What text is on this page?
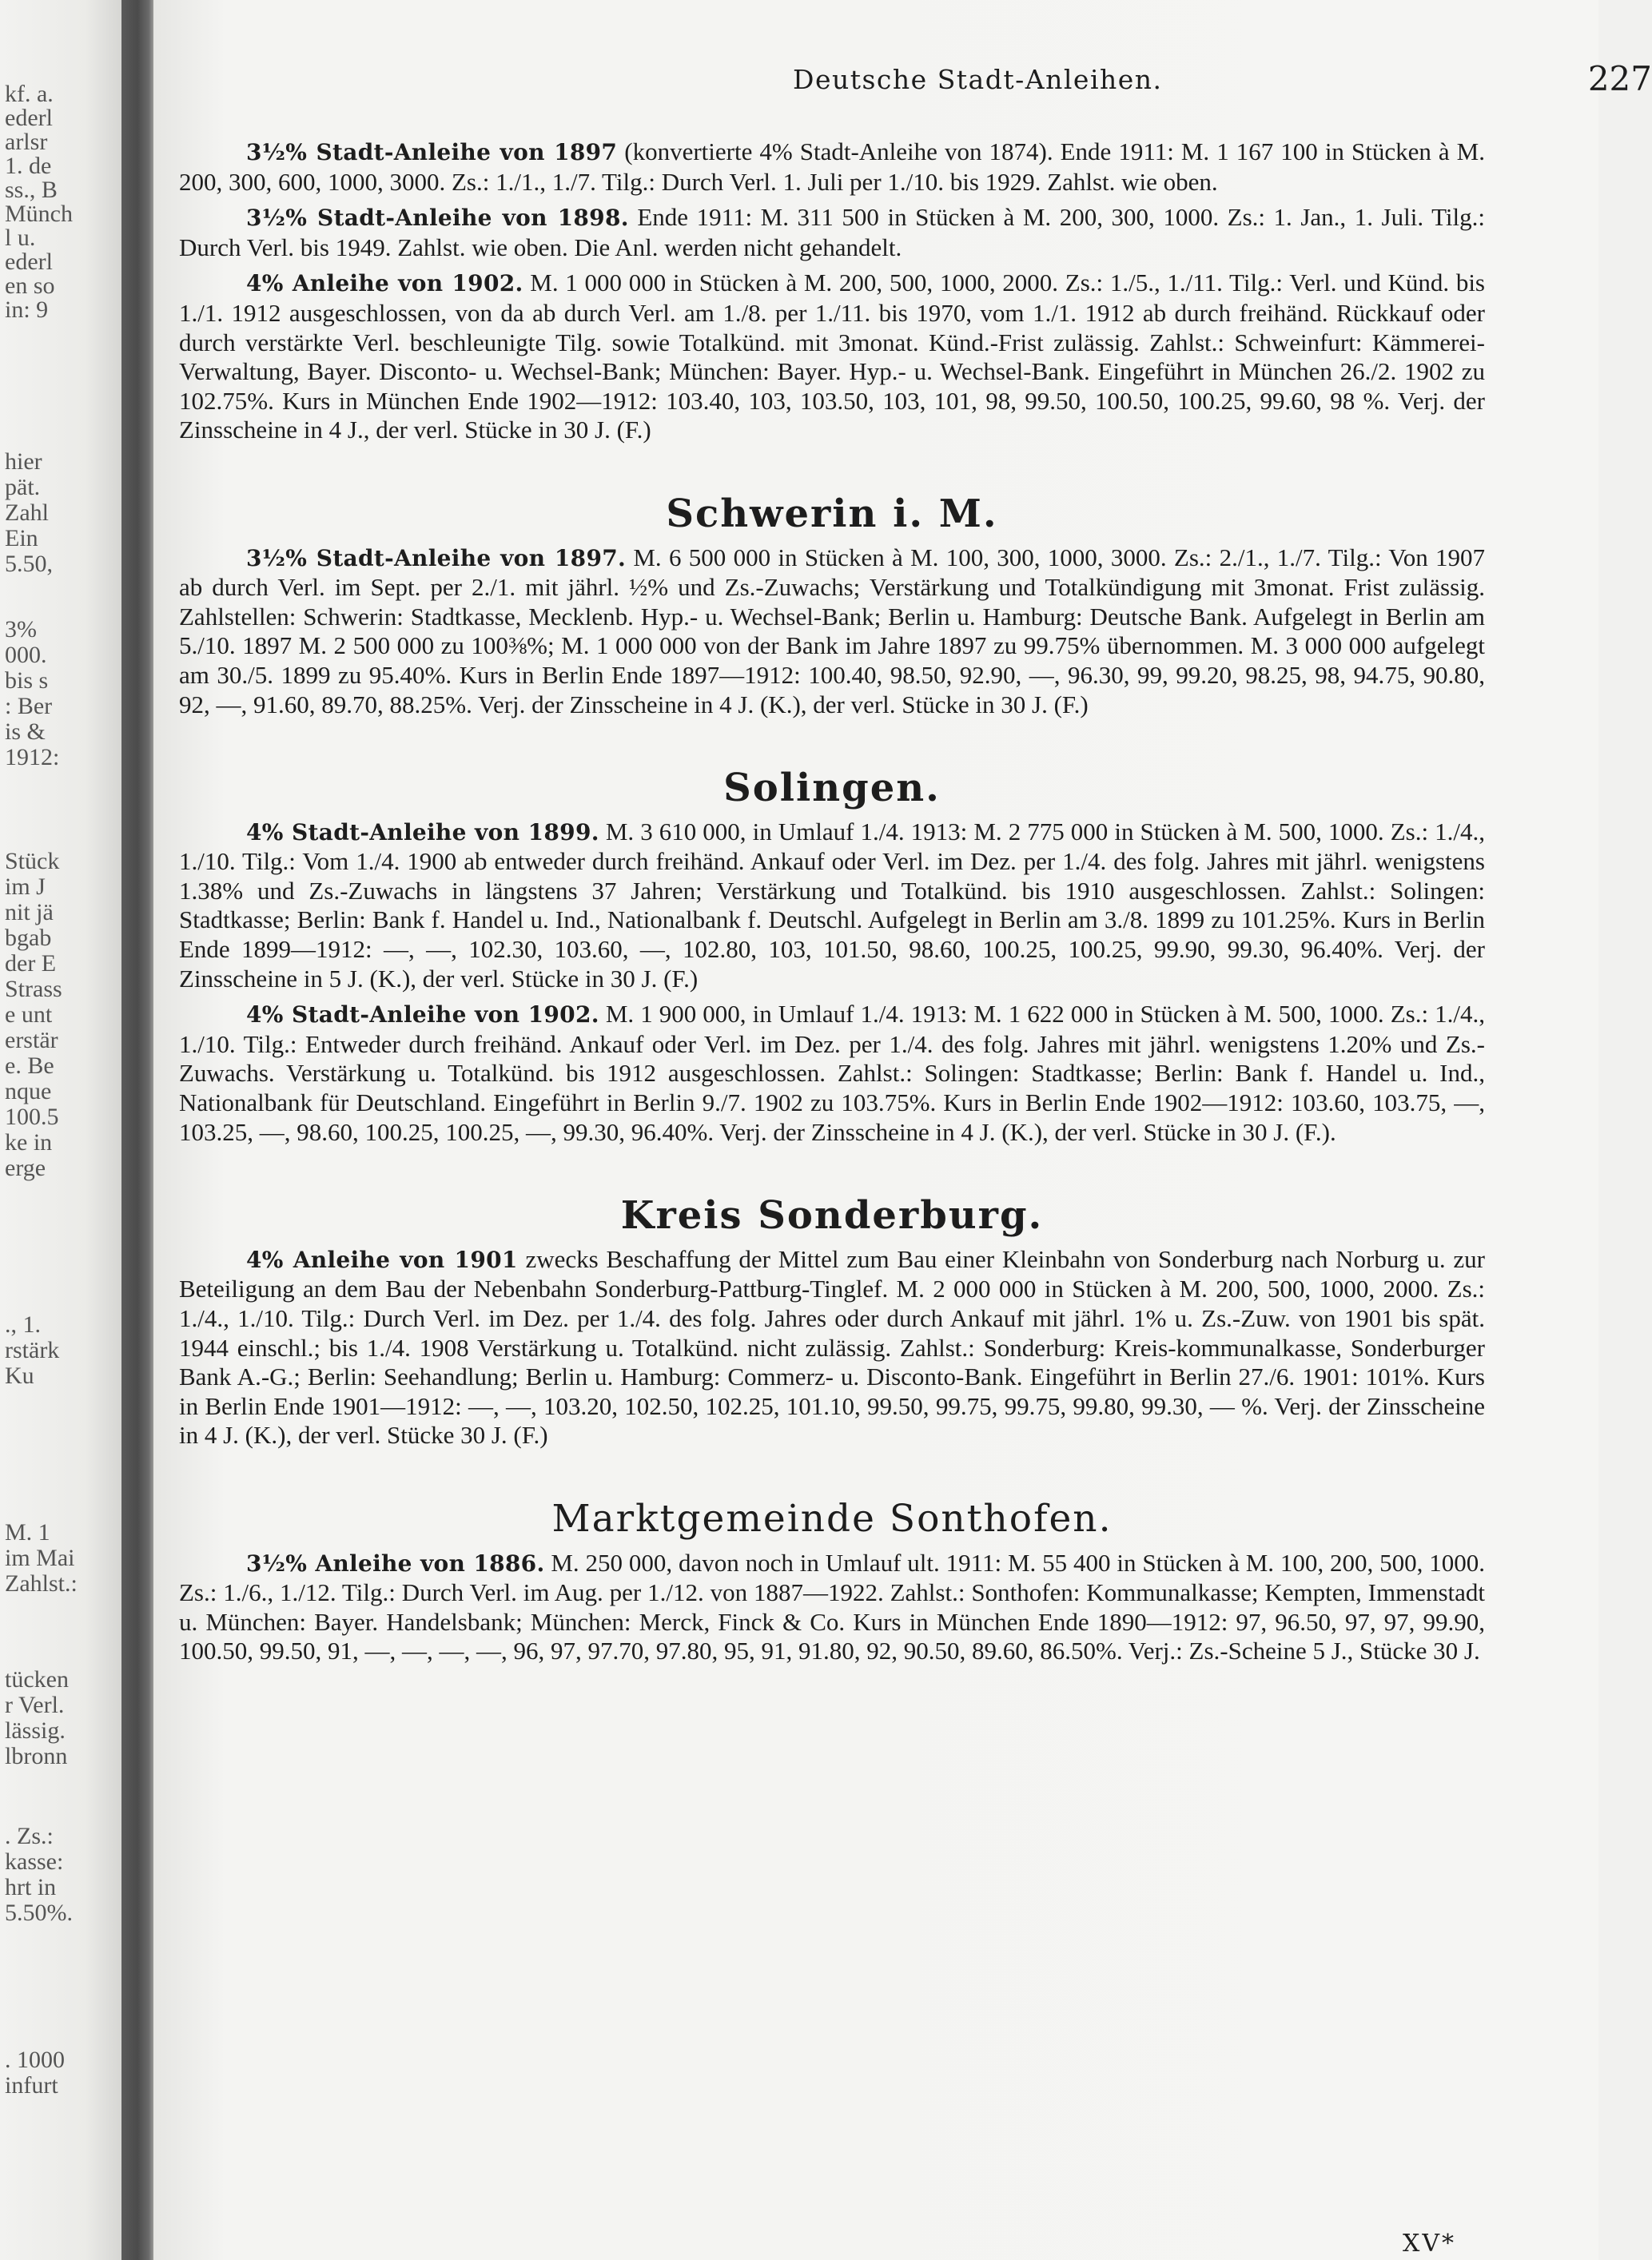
kf. a.
ederl
arlsr
1. de
ss., B
Münch
l u.
ederl
en so
in: 9
hier
pät.
Zahl
Ein
5.50,
3%
000.
bis s
: Ber
is &
1912:
Stück
im J
nit jä
bgab
der E
Strass
e unt
erstär
e. Be
nque
100.5
ke in
erge
., 1.
rstärk
Ku
M. 1
im Mai
Zahlst.:
tücken
r Verl.
lässig.
lbronn
. Zs.:
kasse:
hrt in
5.50%.
. 1000
infurt
Deutsche Stadt-Anleihen.	227

3½% Stadt-Anleihe von 1897 (konvertierte 4% Stadt-Anleihe von 1874). Ende 1911: M. 1 167 100 in Stücken à M. 200, 300, 600, 1000, 3000. Zs.: 1./1., 1./7. Tilg.: Durch Verl. 1. Juli per 1./10. bis 1929. Zahlst. wie oben.

3½% Stadt-Anleihe von 1898. Ende 1911: M. 311 500 in Stücken à M. 200, 300, 1000. Zs.: 1. Jan., 1. Juli. Tilg.: Durch Verl. bis 1949. Zahlst. wie oben. Die Anl. werden nicht gehandelt.

4% Anleihe von 1902. M. 1 000 000 in Stücken à M. 200, 500, 1000, 2000. Zs.: 1./5., 1./11. Tilg.: Verl. und Künd. bis 1./1. 1912 ausgeschlossen, von da ab durch Verl. am 1./8. per 1./11. bis 1970, vom 1./1. 1912 ab durch freihänd. Rückkauf oder durch verstärkte Verl. beschleunigte Tilg. sowie Totalkünd. mit 3monat. Künd.-Frist zulässig. Zahlst.: Schweinfurt: Kämmerei-Verwaltung, Bayer. Disconto- u. Wechsel-Bank; München: Bayer. Hyp.- u. Wechsel-Bank. Eingeführt in München 26./2. 1902 zu 102.75%. Kurs in München Ende 1902—1912: 103.40, 103, 103.50, 103, 101, 98, 99.50, 100.50, 100.25, 99.60, 98 %. Verj. der Zinsscheine in 4 J., der verl. Stücke in 30 J. (F.)

Schwerin i. M.

3½% Stadt-Anleihe von 1897. M. 6 500 000 in Stücken à M. 100, 300, 1000, 3000. Zs.: 2./1., 1./7. Tilg.: Von 1907 ab durch Verl. im Sept. per 2./1. mit jährl. ½% und Zs.-Zuwachs; Verstärkung und Totalkündigung mit 3monat. Frist zulässig. Zahlstellen: Schwerin: Stadtkasse, Mecklenb. Hyp.- u. Wechsel-Bank; Berlin u. Hamburg: Deutsche Bank. Aufgelegt in Berlin am 5./10. 1897 M. 2 500 000 zu 100⅜%; M. 1 000 000 von der Bank im Jahre 1897 zu 99.75% übernommen. M. 3 000 000 aufgelegt am 30./5. 1899 zu 95.40%. Kurs in Berlin Ende 1897—1912: 100.40, 98.50, 92.90, —, 96.30, 99, 99.20, 98.25, 98, 94.75, 90.80, 92, —, 91.60, 89.70, 88.25%. Verj. der Zinsscheine in 4 J. (K.), der verl. Stücke in 30 J. (F.)

Solingen.

4% Stadt-Anleihe von 1899. M. 3 610 000, in Umlauf 1./4. 1913: M. 2 775 000 in Stücken à M. 500, 1000. Zs.: 1./4., 1./10. Tilg.: Vom 1./4. 1900 ab entweder durch freihänd. Ankauf oder Verl. im Dez. per 1./4. des folg. Jahres mit jährl. wenigstens 1.38% und Zs.-Zuwachs in längstens 37 Jahren; Verstärkung und Totalkünd. bis 1910 ausgeschlossen. Zahlst.: Solingen: Stadtkasse; Berlin: Bank f. Handel u. Ind., Nationalbank f. Deutschl. Aufgelegt in Berlin am 3./8. 1899 zu 101.25%. Kurs in Berlin Ende 1899—1912: —, —, 102.30, 103.60, —, 102.80, 103, 101.50, 98.60, 100.25, 100.25, 99.90, 99.30, 96.40%. Verj. der Zinsscheine in 5 J. (K.), der verl. Stücke in 30 J. (F.)

4% Stadt-Anleihe von 1902. M. 1 900 000, in Umlauf 1./4. 1913: M. 1 622 000 in Stücken à M. 500, 1000. Zs.: 1./4., 1./10. Tilg.: Entweder durch freihänd. Ankauf oder Verl. im Dez. per 1./4. des folg. Jahres mit jährl. wenigstens 1.20% und Zs.-Zuwachs. Verstärkung u. Totalkünd. bis 1912 ausgeschlossen. Zahlst.: Solingen: Stadtkasse; Berlin: Bank f. Handel u. Ind., Nationalbank für Deutschland. Eingeführt in Berlin 9./7. 1902 zu 103.75%. Kurs in Berlin Ende 1902—1912: 103.60, 103.75, —, 103.25, —, 98.60, 100.25, 100.25, —, 99.30, 96.40%. Verj. der Zinsscheine in 4 J. (K.), der verl. Stücke in 30 J. (F.).

Kreis Sonderburg.

4% Anleihe von 1901 zwecks Beschaffung der Mittel zum Bau einer Kleinbahn von Sonderburg nach Norburg u. zur Beteiligung an dem Bau der Nebenbahn Sonderburg-Pattburg-Tinglef. M. 2 000 000 in Stücken à M. 200, 500, 1000, 2000. Zs.: 1./4., 1./10. Tilg.: Durch Verl. im Dez. per 1./4. des folg. Jahres oder durch Ankauf mit jährl. 1% u. Zs.-Zuw. von 1901 bis spät. 1944 einschl.; bis 1./4. 1908 Verstärkung u. Totalkünd. nicht zulässig. Zahlst.: Sonderburg: Kreis-kommunalkasse, Sonderburger Bank A.-G.; Berlin: Seehandlung; Berlin u. Hamburg: Commerz- u. Disconto-Bank. Eingeführt in Berlin 27./6. 1901: 101%. Kurs in Berlin Ende 1901—1912: —, —, 103.20, 102.50, 102.25, 101.10, 99.50, 99.75, 99.75, 99.80, 99.30, — %. Verj. der Zinsscheine in 4 J. (K.), der verl. Stücke 30 J. (F.)

Marktgemeinde Sonthofen.

3½% Anleihe von 1886. M. 250 000, davon noch in Umlauf ult. 1911: M. 55 400 in Stücken à M. 100, 200, 500, 1000. Zs.: 1./6., 1./12. Tilg.: Durch Verl. im Aug. per 1./12. von 1887—1922. Zahlst.: Sonthofen: Kommunalkasse; Kempten, Immenstadt u. München: Bayer. Handelsbank; München: Merck, Finck & Co. Kurs in München Ende 1890—1912: 97, 96.50, 97, 97, 99.90, 100.50, 99.50, 91, —, —, —, —, 96, 97, 97.70, 97.80, 95, 91, 91.80, 92, 90.50, 89.60, 86.50%. Verj.: Zs.-Scheine 5 J., Stücke 30 J.

XV*
